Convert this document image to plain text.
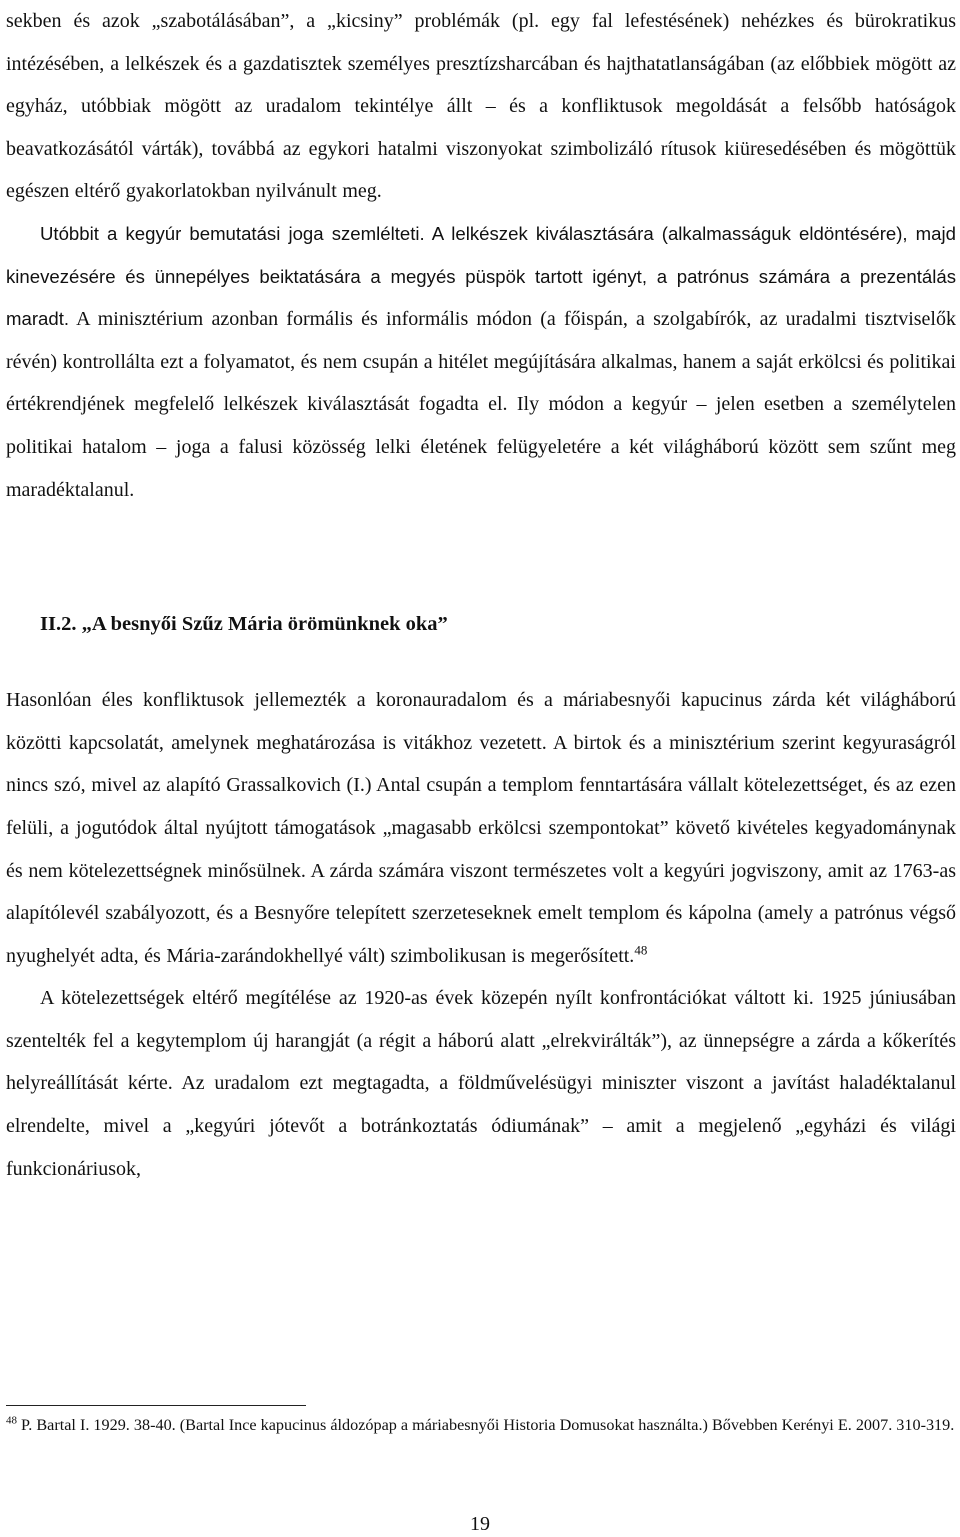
sekben és azok „szabotálásában”, a „kicsiny” problémák (pl. egy fal lefestésének) nehézkes és bürokratikus intézésében, a lelkészek és a gazdatisztek személyes presztízsharcában és hajthatatlanságában (az előbbiek mögött az egyház, utóbbiak mögött az uradalom tekintélye állt – és a konfliktusok megoldását a felsőbb hatóságok beavatkozásától várták), továbbá az egykori hatalmi viszonyokat szimbolizáló rítusok kiüresedésében és mögöttük egészen eltérő gyakorlatokban nyilvánult meg.

Utóbbit a kegyúr bemutatási joga szemlélteti. A lelkészek kiválasztására (alkalmasságuk eldöntésére), majd kinevezésére és ünnepélyes beiktatására a megyés püspök tartott igényt, a patrónus számára a prezentálás maradt. A minisztérium azonban formális és informális módon (a főispán, a szolgabírók, az uradalmi tisztviselők révén) kontrollálta ezt a folyamatot, és nem csupán a hitélet megújítására alkalmas, hanem a saját erkölcsi és politikai értékrendjének megfelelő lelkészek kiválasztását fogadta el. Ily módon a kegyúr – jelen esetben a személytelen politikai hatalom – joga a falusi közösség lelki életének felügyeletére a két világháború között sem szűnt meg maradéktalanul.

II.2. „A besnyői Szűz Mária örömünknek oka”

Hasonlóan éles konfliktusok jellemezték a koronauradalom és a máriabesnyői kapucinus zárda két világháború közötti kapcsolatát, amelynek meghatározása is vitákhoz vezetett. A birtok és a minisztérium szerint kegyuraságról nincs szó, mivel az alapító Grassalkovich (I.) Antal csupán a templom fenntartására vállalt kötelezettséget, és az ezen felüli, a jogutódok által nyújtott támogatások „magasabb erkölcsi szempontokat” követő kivételes kegyadománynak és nem kötelezettségnek minősülnek. A zárda számára viszont természetes volt a kegyúri jogviszony, amit az 1763-as alapítólevél szabályozott, és a Besnyőre telepített szerzeteseknek emelt templom és kápolna (amely a patrónus végső nyughelyét adta, és Mária-zarándokhellyé vált) szimbolikusan is megerősített.$^{48}$

A kötelezettségek eltérő megítélése az 1920-as évek közepén nyílt konfrontációkat váltott ki. 1925 júniusában szentelték fel a kegytemplom új harangját (a régit a háború alatt „elrekvirálták”), az ünnepségre a zárda a kőkerítés helyreállítását kérte. Az uradalom ezt megtagadta, a földművelésügyi miniszter viszont a javítást haladéktalanul elrendelte, mivel a „kegyúri jótevőt a botránkoztatás ódiumának” – amit a megjelenő „egyházi és világi funkcionáriusok,

$^{48}$ P. Bartal I. 1929. 38-40. (Bartal Ince kapucinus áldozópap a máriabesnyői Historia Domusokat használta.) Bővebben Kerényi E. 2007. 310-319.
19
